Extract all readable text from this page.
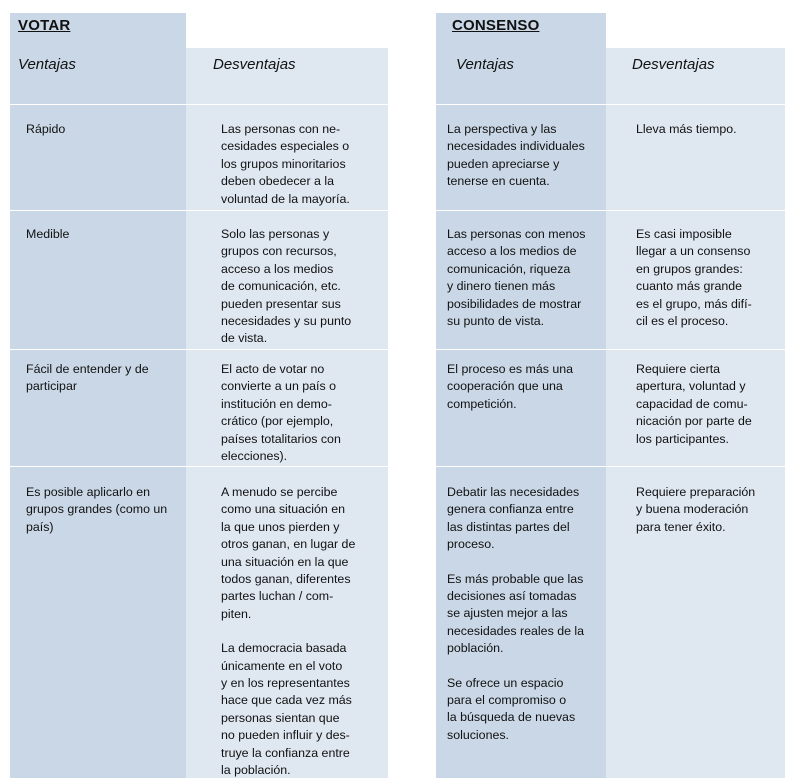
VOTAR
Ventajas	Desventajas
CONSENSO
Ventajas	Desventajas

Rápido

Medible

Fácil de entender y de
participar

Es posible aplicarlo en
grupos grandes (como un
país)

Las personas con ne-
cesidades especiales o
los grupos minoritarios
deben obedecer a la
voluntad de la mayoría.

Solo las personas y
grupos con recursos,
acceso a los medios
de comunicación, etc.
pueden presentar sus
necesidades y su punto
de vista.

El acto de votar no
convierte a un país o
institución en demo-
crático (por ejemplo,
países totalitarios con
elecciones).

A menudo se percibe
como una situación en
la que unos pierden y
otros ganan, en lugar de
una situación en la que
todos ganan, diferentes
partes luchan / com-
piten.

La democracia basada
únicamente en el voto
y en los representantes
hace que cada vez más
personas sientan que
no pueden influir y des-
truye la confianza entre
la población.

La perspectiva y las
necesidades individuales
pueden apreciarse y
tenerse en cuenta.

Las personas con menos
acceso a los medios de
comunicación, riqueza
y dinero tienen más
posibilidades de mostrar
su punto de vista.

El proceso es más una
cooperación que una
competición.

Debatir las necesidades
genera confianza entre
las distintas partes del
proceso.

Es más probable que las
decisiones así tomadas
se ajusten mejor a las
necesidades reales de la
población.

Se ofrece un espacio
para el compromiso o
la búsqueda de nuevas
soluciones.

Lleva más tiempo.

Es casi imposible
llegar a un consenso
en grupos grandes:
cuanto más grande
es el grupo, más difí-
cil es el proceso.

Requiere cierta
apertura, voluntad y
capacidad de comu-
nicación por parte de
los participantes.

Requiere preparación
y buena moderación
para tener éxito.
